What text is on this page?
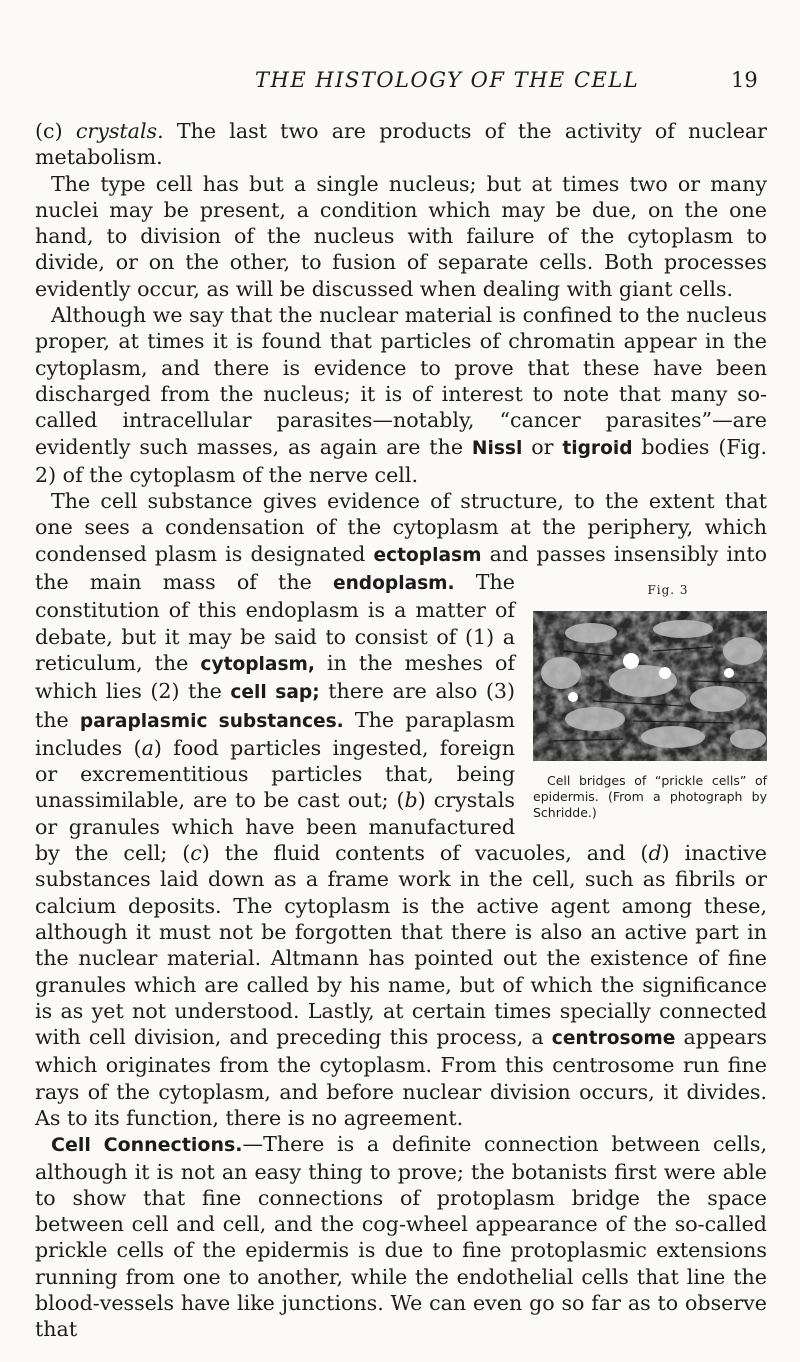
THE HISTOLOGY OF THE CELL	19

(c) crystals. The last two are products of the activity of nuclear metabolism.

The type cell has but a single nucleus; but at times two or many nuclei may be present, a condition which may be due, on the one hand, to division of the nucleus with failure of the cytoplasm to divide, or on the other, to fusion of separate cells. Both processes evidently occur, as will be discussed when dealing with giant cells.

Although we say that the nuclear material is confined to the nucleus proper, at times it is found that particles of chromatin appear in the cytoplasm, and there is evidence to prove that these have been discharged from the nucleus; it is of interest to note that many so-called intracellular parasites—notably, “cancer parasites”—are evidently such masses, as again are the Nissl or tigroid bodies (Fig. 2) of the cytoplasm of the nerve cell.

The cell substance gives evidence of structure, to the extent that one sees a condensation of the cytoplasm at the periphery, which condensed plasm is designated ectoplasm and passes insensibly into the main mass of the endoplasm.	Fig. 3
Cell bridges of “prickle cells” of epidermis. (From a photograph by Schridde.)
The constitution of this endoplasm is a matter of debate, but it may be said to consist of (1) a reticulum, the cytoplasm, in the meshes of which lies (2) the cell sap; there are also (3) the paraplasmic substances. The paraplasm includes (a) food particles ingested, foreign or excrementitious particles that, being unassimilable, are to be cast out; (b) crystals or granules which have been manufactured by the cell; (c) the fluid contents of vacuoles, and (d) inactive substances laid down as a frame work in the cell, such as fibrils or calcium deposits. The cytoplasm is the active agent among these, although it must not be forgotten that there is also an active part in the nuclear material. Altmann has pointed out the existence of fine granules which are called by his name, but of which the significance is as yet not understood. Lastly, at certain times specially connected with cell division, and preceding this process, a centrosome appears which originates from the cytoplasm. From this centrosome run fine rays of the cytoplasm, and before nuclear division occurs, it divides. As to its function, there is no agreement.

Cell Connections.—There is a definite connection between cells, although it is not an easy thing to prove; the botanists first were able to show that fine connections of protoplasm bridge the space between cell and cell, and the cog-wheel appearance of the so-called prickle cells of the epidermis is due to fine protoplasmic extensions running from one to another, while the endothelial cells that line the blood-vessels have like junctions. We can even go so far as to observe that
